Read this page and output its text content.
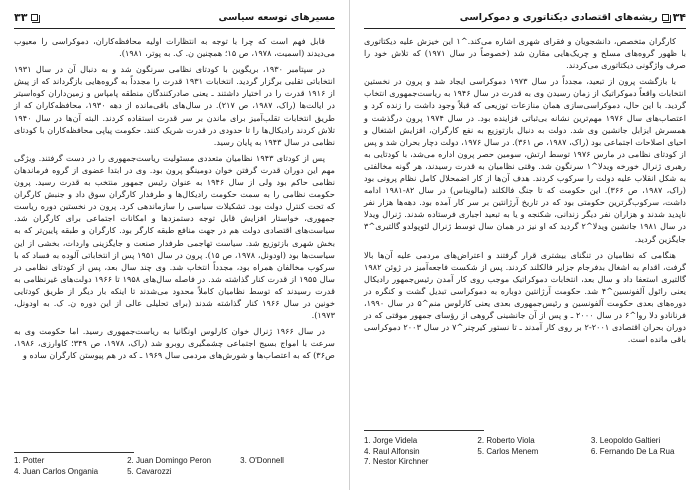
مسیرهای توسعه سیاسی
۳۳

قابل فهم است که چرا با توجه به انتظارات اولیه محافظه‌کاران، دموکراسی را معیوب می‌دیدند (اسمیت، ۱۹۷۸، ص ۱۵؛ همچنین ن. ک. به پوتر، ۱۹۸۱).

در سپتامبر ۱۹۳۰، بریگوین با کودتای نظامی سرنگون شد و به دنبال آن در سال ۱۹۳۱ انتخاباتی تقلبی برگزار گردید. انتخابات ۱۹۳۱ قدرت را مجدداً به گروه‌هایی بازگرداند که از پیش از ۱۹۱۶ قدرت را در اختیار داشتند ـ یعنی صادرکنندگان منطقه پامپاس و زمین‌داران کوه‌اسیتر در ایالت‌ها (راک، ۱۹۸۷، ص ۲۱۷). در سال‌های باقی‌مانده از دهه ۱۹۳۰، محافظه‌کاران که از طریق انتخابات تقلب‌آمیز برای ماندن بر سر قدرت استفاده کردند. البته آن‌ها در سال ۱۹۴۰ تلاش کردند رادیکال‌ها را تا حدودی در قدرت شریک کنند. حکومت پیاپی محافظه‌کاران با کودتای نظامی در سال ۱۹۴۳ به پایان رسید.

پس از کودتای ۱۹۴۳ نظامیان متعددی مسئولیت ریاست‌جمهوری را در دست گرفتند. ویژگی مهم این دوران قدرت گرفتن خوان دومینگو پرون بود. وی در ابتدا عضوی از گروه فرماندهان نظامی حاکم بود ولی از سال ۱۹۴۶ به عنوان رئیس جمهور منتخب به قدرت رسید. پرون حکومت نظامی را به سمت حکومت رادیکال‌ها و طرفدار کارگران سوق داد و جنبش کارگران که تحت کنترل دولت بود. تشکیلات سیاسی را سازماندهی کرد. پرون در نخستین دوره ریاست جمهوری، خواستار افزایش قابل توجه دستمزدها و امکانات اجتماعی برای کارگران شد. سیاست‌های اقتصادی دولت هم در جهت منافع طبقه کارگر بود. کارگران و طبقه پایین‌تر که به بخش شهری بازتوزیع شد. سیاست تهاجمی طرفدار صنعت و جایگزینی واردات، بخشی از این سیاست‌ها بود (اودونل، ۱۹۷۸، ص ۱۵). پرون در سال ۱۹۵۱ پس از انتخاباتی آلوده به فساد که با سرکوب مخالفان همراه بود، مجدداً انتخاب شد. وی چند سال بعد، پس از کودتای نظامی در سال ۱۹۵۵ از قدرت کنار گذاشته شد. در فاصله سال‌های ۱۹۵۸ تا ۱۹۶۶ دولت‌های غیرنظامی به قدرت رسیدند که توسط نظامیان کاملاً محدود می‌شدند تا اینکه بار دیگر از طریق کودتایی خونین در سال ۱۹۶۶ کنار گذاشته شدند (برای تحلیلی عالی از این دوره ن. ک. به اودونل، ۱۹۷۳).

در سال ۱۹۶۶ ژنرال خوان کارلوس اونگانیا به ریاست‌جمهوری رسید. اما حکومت وی به سرعت با امواج بسیج اجتماعی چشمگیری روبرو شد (راک، ۱۹۷۸، ص ۳۴۹؛ کاوارزی، ۱۹۸۶، ص۳۶) که به اعتصاب‌ها و شورش‌های مردمی سال ۱۹۶۹ ـ که در هم پیوستن کارگران ساده و

1. Potter	2. Juan Domingo Peron	3. O'Donnell
4. Juan Carlos Ongania	5. Cavarozzi
۳۴
ریشه‌های اقتصادی دیکتاتوری و دموکراسی

کارگران متخصص، دانشجویان و فقرای شهری اشاره می‌کند.^۱ این خیزش علیه دیکتاتوری با ظهور گروه‌های مسلح و چریک‌هایی مقارن شد (خصوصاً در سال ۱۹۷۱) که تلاش خود را صرف واژگونی دیکتاتوری می‌کردند.

با بازگشت پرون از تبعید، مجدداً در سال ۱۹۷۳ دموکراسی ایجاد شد و پرون در نخستین انتخابات واقعاً دموکراتیک از زمان رسیدن وی به قدرت در سال ۱۹۴۶ به ریاست‌جمهوری انتخاب گردید. با این حال، دموکراسی‌سازی همان منازعات توزیعی که قبلاً وجود داشت را زنده کرد و اعتصاب‌های سال ۱۹۷۶ مهم‌ترین نشانه بی‌ثباتی فزاینده بود. در سال ۱۹۷۴ پرون درگذشت و همسرش ایزابل جانشین وی شد. دولت به دنبال بازتوزیع به نفع کارگران، افزایش اشتغال و احیای اصلاحات اجتماعی بود (راک، ۱۹۸۷، ص ۳۶۱). در سال ۱۹۷۶، دولت دچار بحران شد و پس از کودتای نظامی در مارس ۱۹۷۶ توسط ارتش، سومین حصر پرون اداره می‌شد، با کودتایی به رهبری ژنرال خورخه ویدلا^۱ سرنگون شد. وقتی نظامیان به قدرت رسیدند، هر گونه مخالفتی به شکل انقلاب علیه دولت را سرکوب کردند. هدف آن‌ها از کار اضمحلال کامل نظام پرونی بود (راک، ۱۹۸۷، ص ۳۶۶). این حکومت که تا جنگ فالکلند (مالویناس) در سال ۸۲-۱۹۸۱ ادامه داشت، سرکوب‌گرترین حکومتی بود که در تاریخ آرژانتین بر سر کار آمده بود. دهه‌ها هزار نفر ناپدید شدند و هزاران نفر دیگر زندانی، شکنجه و یا به تبعید اجباری فرستاده شدند. ژنرال ویدلا در سال ۱۹۸۱ جانشین ویدلا^۲ گردید که او نیز در همان سال توسط ژنرال لئوپولدو گالتیری^۳ جایگزین گردید.

هنگامی که نظامیان در تنگنای بیشتری قرار گرفتند و اعتراض‌های مردمی علیه آن‌ها بالا گرفت، اقدام به اشغال بدفرجام جزایر فالکلند کردند. پس از شکست فاجعه‌آمیز در ژوئن ۱۹۸۲ گالتیری استعفا داد و سال بعد، انتخابات دموکراتیک موجب روی کار آمدن رئیس‌جمهور رادیکال یعنی رائول آلفونسین^۴ شد. حکومت آرژانتین دوباره به دموکراسی تبدیل گشت و کنگره در دوره‌های بعدی حکومت آلفونسین و رئیس‌جمهوری بعدی یعنی کارلوس منم^۵ در سال ۱۹۹۰، فرنانادو دلا روا^۶ در سال ۲۰۰۰ ـ و پس از آن جانشینی گروهی از رؤسای جمهور موقتی که در دوران بحران اقتصادی ۲۰۰۱-۲ بر روی کار آمدند ـ تا نستور کیرچنر^۷ در سال ۲۰۰۳ دموکراسی باقی مانده است.

1. Jorge Videla	2. Roberto Viola	3. Leopoldo Galtieri
4. Raul Alfonsin	5. Carlos Menem	6. Fernando De La Rua
7. Nestor Kirchner
